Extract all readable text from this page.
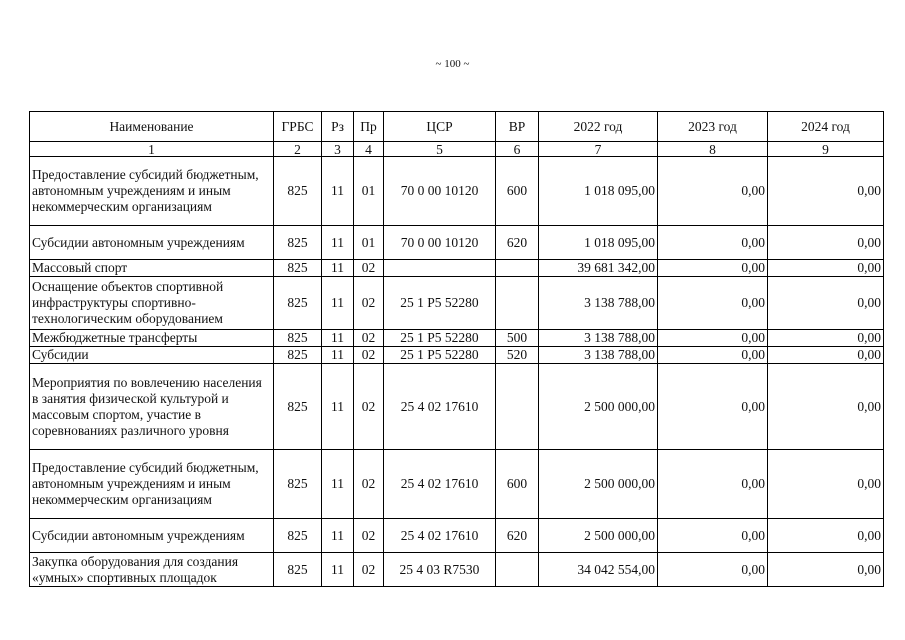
~ 100 ~
Наименование	ГРБС	Рз	Пр	ЦСР	ВР	2022 год	2023 год	2024 год
1	2	3	4	5	6	7	8	9
Предоставление субсидий бюджетным, автономным учреждениям и иным некоммерческим организациям	825	11	01	70 0 00 10120	600	1 018 095,00	0,00	0,00
Субсидии автономным учреждениям	825	11	01	70 0 00 10120	620	1 018 095,00	0,00	0,00
Массовый спорт	825	11	02			39 681 342,00	0,00	0,00
Оснащение объектов спортивной инфраструктуры спортивно-технологическим оборудованием	825	11	02	25 1 P5 52280		3 138 788,00	0,00	0,00
Межбюджетные трансферты	825	11	02	25 1 P5 52280	500	3 138 788,00	0,00	0,00
Субсидии	825	11	02	25 1 P5 52280	520	3 138 788,00	0,00	0,00
Мероприятия по вовлечению населения в занятия физической культурой и массовым спортом, участие в соревнованиях различного уровня	825	11	02	25 4 02 17610		2 500 000,00	0,00	0,00
Предоставление субсидий бюджетным, автономным учреждениям и иным некоммерческим организациям	825	11	02	25 4 02 17610	600	2 500 000,00	0,00	0,00
Субсидии автономным учреждениям	825	11	02	25 4 02 17610	620	2 500 000,00	0,00	0,00
Закупка оборудования для создания «умных» спортивных площадок	825	11	02	25 4 03 R7530		34 042 554,00	0,00	0,00
